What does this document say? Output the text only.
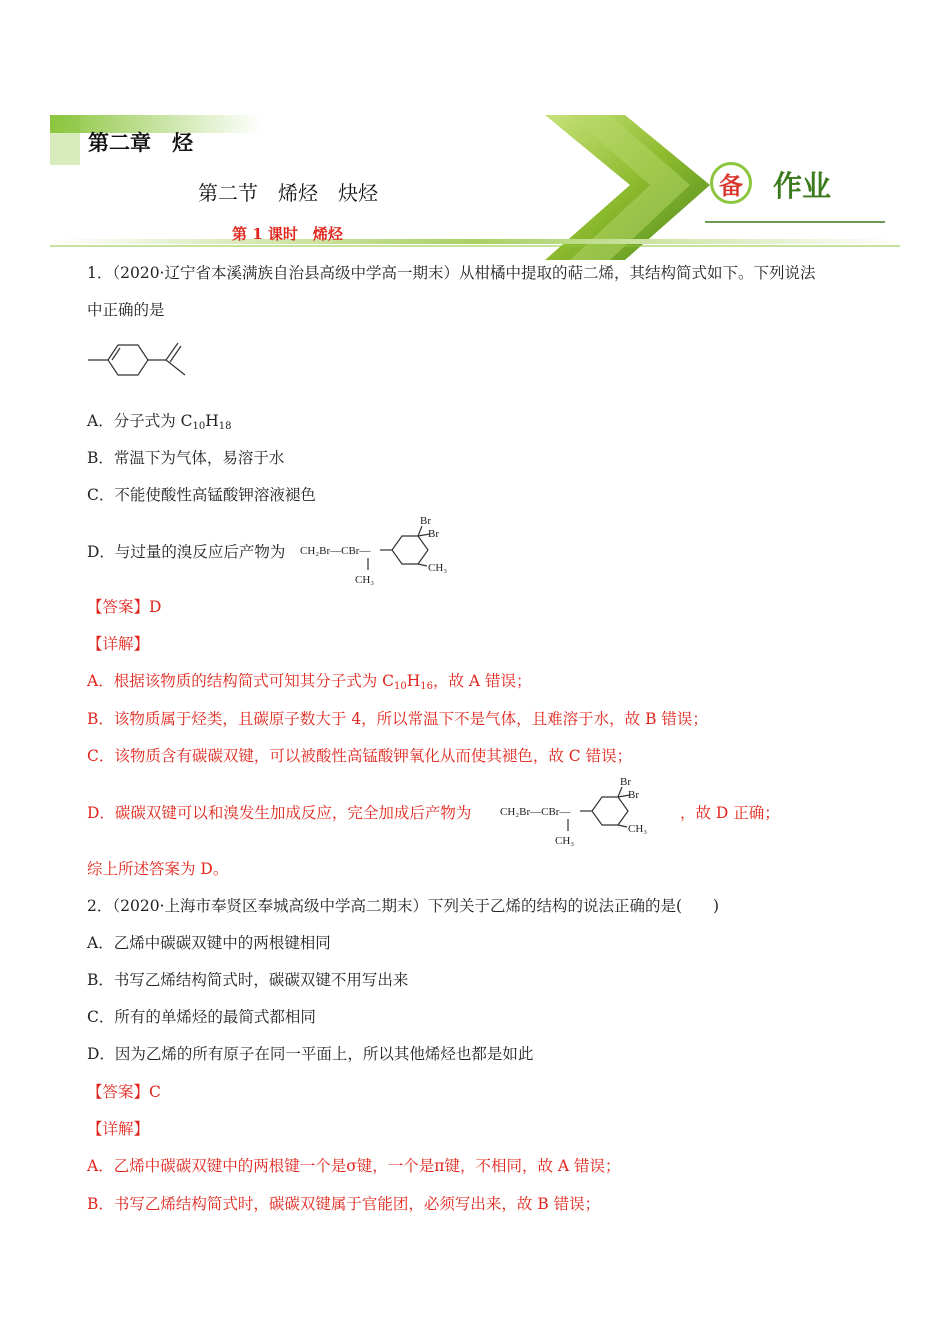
第二章　烃
第二节　烯烃　炔烃
第 1 课时　烯烃
备 作业
1．（2020·辽宁省本溪满族自治县高级中学高一期末）从柑橘中提取的萜二烯，其结构简式如下。下列说法
中正确的是
A．分子式为 $C_{10}H_{18}$
B．常温下为气体，易溶于水
C．不能使酸性高锰酸钾溶液褪色
D．与过量的溴反应后产物为 CH₂Br—CBr—
CH₃
Br
Br
CH₃
【答案】D
【详解】
A．根据该物质的结构简式可知其分子式为 $C_{10}H_{16}$，故 A 错误；
B．该物质属于烃类，且碳原子数大于 4，所以常温下不是气体，且难溶于水，故 B 错误；
C．该物质含有碳碳双键，可以被酸性高锰酸钾氧化从而使其褪色，故 C 错误；
D．碳碳双键可以和溴发生加成反应，完全加成后产物为	CH₂Br—CBr—
CH₃
Br
Br
CH₃
，故 D 正确；
综上所述答案为 D。
2．（2020·上海市奉贤区奉城高级中学高二期末）下列关于乙烯的结构的说法正确的是(　　)
A．乙烯中碳碳双键中的两根键相同
B．书写乙烯结构简式时，碳碳双键不用写出来
C．所有的单烯烃的最简式都相同
D．因为乙烯的所有原子在同一平面上，所以其他烯烃也都是如此
【答案】C
【详解】
A．乙烯中碳碳双键中的两根键一个是σ键，一个是π键，不相同，故 A 错误；
B．书写乙烯结构简式时，碳碳双键属于官能团，必须写出来，故 B 错误；
